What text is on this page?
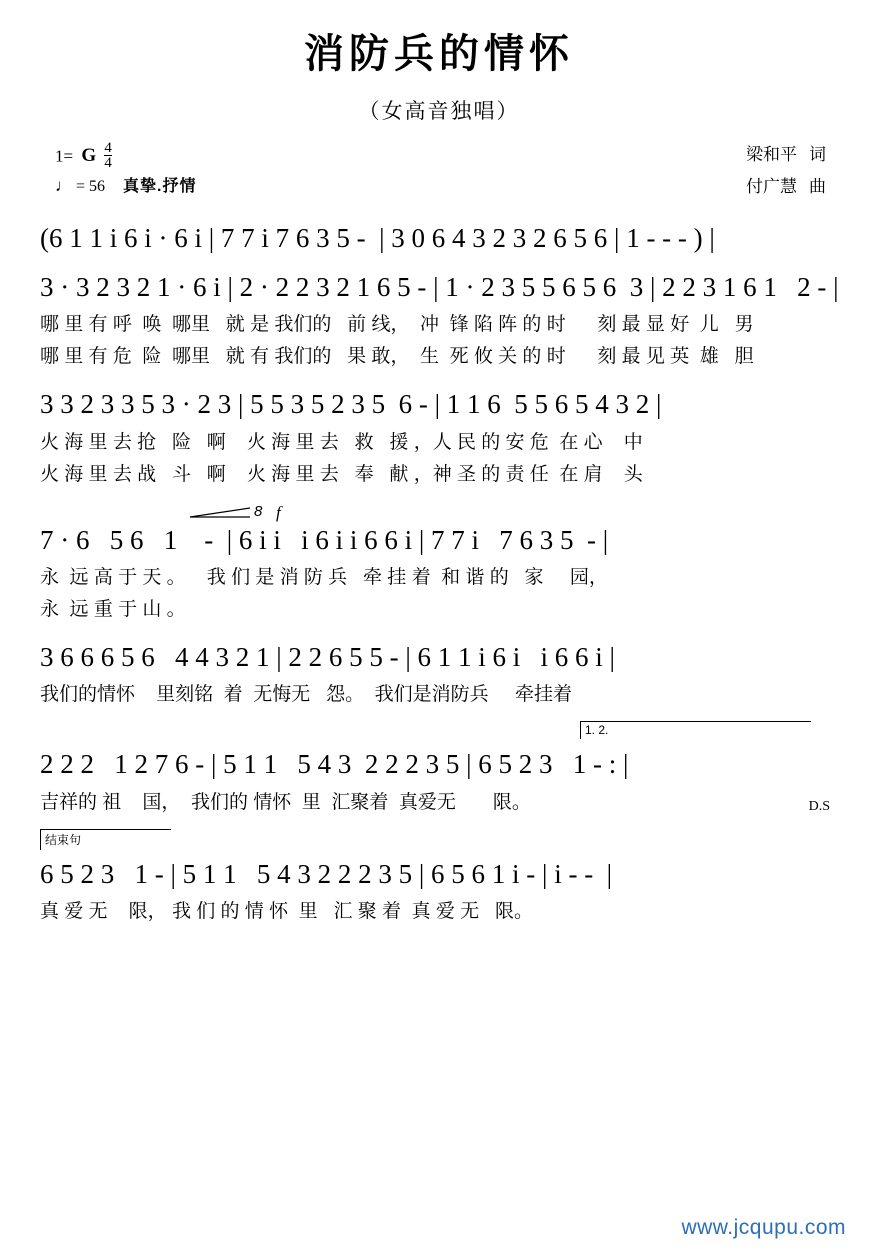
消防兵的情怀
（女高音独唱）
1= G $\frac{4}{4}$
♩ = 56 真挚.抒情
梁和平 词
付广慧 曲
(6 1 1 i 6 i · 6 i | 7 7 i 7 6 3 5 -  | 3 0 6 4 3 2 3 2 6 5 6 | 1 - - - ) |
3 · 3 2 3 2 1 · 6 i | 2 · 2 2 3 2 1 6 5 - | 1 · 2 3 5 5 6 5 6  3 | 2 2 3 1 6 1   2 - |
哪 里 有 呼  唤  哪里   就 是 我们的   前 线，  冲  锋 陷 阵 的 时      刻 最 显 好  儿   男
哪 里 有 危  险  哪里   就 有 我们的   果 敢，  生  死 攸 关 的 时      刻 最 见 英  雄   胆
3 3 2 3 3 5 3 · 2 3 | 5 5 3 5 2 3 5  6 - | 1 1 6  5 5 6 5 4 3 2 |
火 海 里 去 抢   险   啊    火 海 里 去   救   援 ，人 民 的 安 危  在 心    中
火 海 里 去 战   斗   啊    火 海 里 去   奉   献 ，神 圣 的 责 任  在 肩    头
8 f
7 · 6   5 6   1    -  | 6 i i   i 6 i i 6 6 i | 7 7 i   7 6 3 5  - |
永  远 高 于 天 。    我 们 是 消 防 兵   牵 挂 着  和 谐 的   家     园，
永  远 重 于 山 。
3 6 6 6 5 6   4 4 3 2 1 | 2 2 6 5 5 - | 6 1 1 i 6 i   i 6 6 i |
我们的情怀    里刻铭  着  无悔无   怨。  我们是消防兵     牵挂着
1. 2.
2 2 2   1 2 7 6 - | 5 1 1   5 4 3  2 2 2 3 5 | 6 5 2 3   1 - : |
D.S
吉祥的 祖    国，  我们的 情怀  里  汇聚着  真爱无       限。
结束句
6 5 2 3   1 - | 5 1 1   5 4 3 2 2 2 3 5 | 6 5 6 1 i - | i - -  |
真 爱 无    限， 我 们 的 情 怀  里   汇 聚 着  真 爱 无   限。
www.jcqupu.com
